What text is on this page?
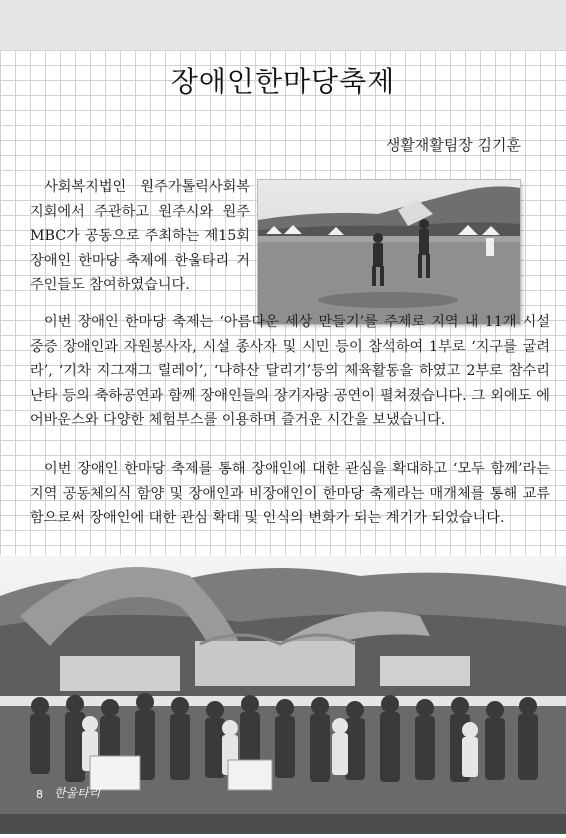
장애인한마당축제
생활재활팀장 김기훈
사회복지법인 원주가톨릭사회복지회에서 주관하고 원주시와 원주MBC가 공동으로 주최하는 제15회 장애인 한마당 축제에 한울타리 거주인들도 참여하였습니다.
이번 장애인 한마당 축제는 ‘아름다운 세상 만들기’를 주제로 지역 내 11개 시설 중증 장애인과 자원봉사자, 시설 종사자 및 시민 등이 참석하여 1부로 ‘지구를 굴려라’, ‘기차 지그재그 릴레이’, ‘나하산 달리기’등의 체육활동을 하였고 2부로 참수리 난타 등의 축하공연과 함께 장애인들의 장기자랑 공연이 펼쳐졌습니다. 그 외에도 에어바운스와 다양한 체험부스를 이용하며 즐거운 시간을 보냈습니다.
이번 장애인 한마당 축제를 통해 장애인에 대한 관심을 확대하고 ‘모두 함께’라는 지역 공동체의식 함양 및 장애인과 비장애인이 한마당 축제라는 매개체를 통해 교류함으로써 장애인에 대한 관심 확대 및 인식의 변화가 되는 계기가 되었습니다.
8 한울타리
